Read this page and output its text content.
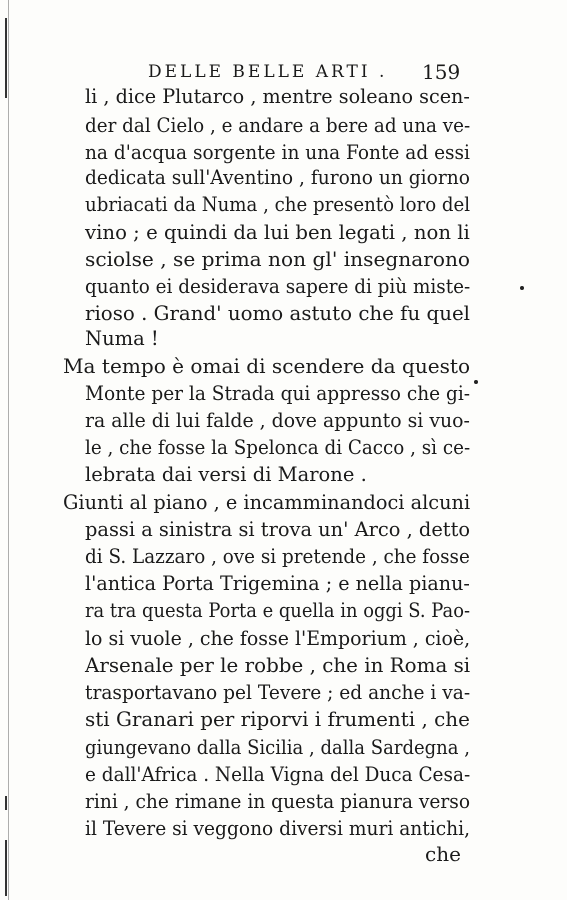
DELLE BELLE ARTI . 159
li , dice Plutarco , mentre soleano scen-
der dal Cielo , e andare a bere ad una ve-
na d'acqua sorgente in una Fonte ad essi
dedicata sull'Aventino , furono un giorno
ubriacati da Numa , che presentò loro del
vino ; e quindi da lui ben legati , non li
sciolse , se prima non gl' insegnarono
quanto ei desiderava sapere di più miste-
rioso . Grand' uomo astuto che fu quel
Numa !
Ma tempo è omai di scendere da questo
Monte per la Strada qui appresso che gi-
ra alle di lui falde , dove appunto si vuo-
le , che fosse la Spelonca di Cacco , sì ce-
lebrata dai versi di Marone .
Giunti al piano , e incamminandoci alcuni
passi a sinistra si trova un' Arco , detto
di S. Lazzaro , ove si pretende , che fosse
l'antica Porta Trigemina ; e nella pianu-
ra tra questa Porta e quella in oggi S. Pao-
lo si vuole , che fosse l'Emporium , cioè,
Arsenale per le robbe , che in Roma si
trasportavano pel Tevere ; ed anche i va-
sti Granari per riporvi i frumenti , che
giungevano dalla Sicilia , dalla Sardegna ,
e dall'Africa . Nella Vigna del Duca Cesa-
rini , che rimane in questa pianura verso
il Tevere si veggono diversi muri antichi,
che
